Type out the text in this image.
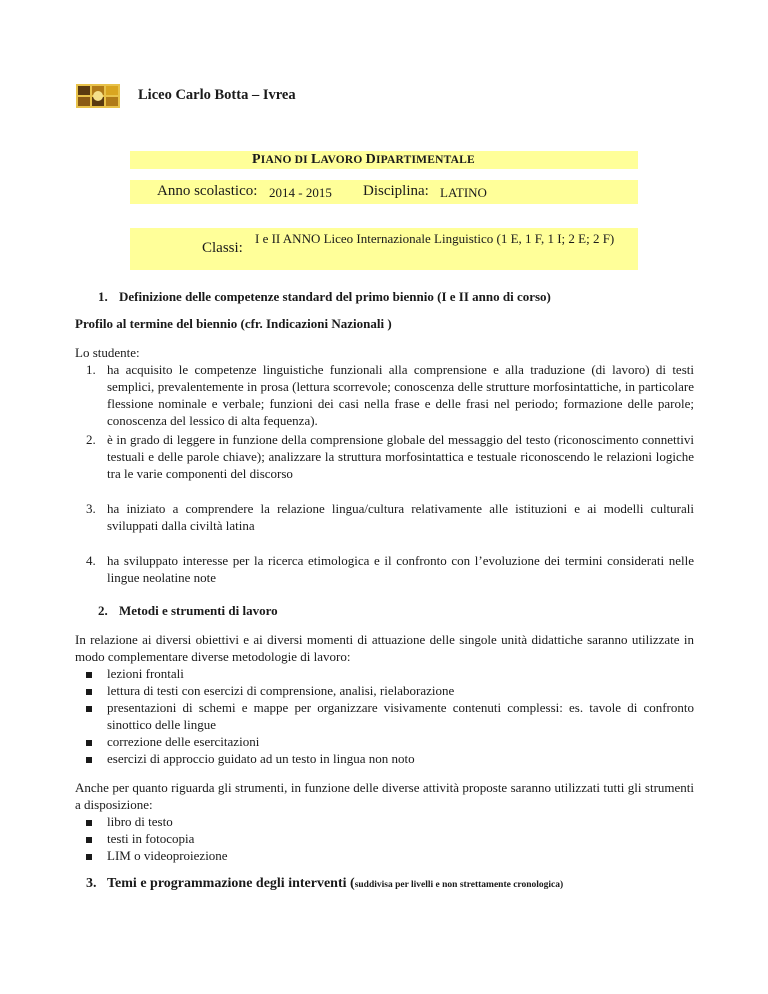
Liceo Carlo Botta – Ivrea
PIANO DI LAVORO DIPARTIMENTALE
Anno scolastico: 2014 - 2015 Disciplina: LATINO
Classi:
I e II ANNO Liceo Internazionale Linguistico (1 E, 1 F, 1 I; 2 E; 2 F)
1. Definizione delle competenze standard del primo biennio (I e II anno di corso)
Profilo al termine del biennio (cfr. Indicazioni Nazionali )
Lo studente:
1. ha acquisito le competenze linguistiche funzionali alla comprensione e alla traduzione (di lavoro) di testi semplici, prevalentemente in prosa (lettura scorrevole; conoscenza delle strutture morfosintattiche, in particolare flessione nominale e verbale; funzioni dei casi nella frase e delle frasi nel periodo; formazione delle parole; conoscenza del lessico di alta fequenza).
2. è in grado di leggere in funzione della comprensione globale del messaggio del testo (riconoscimento connettivi testuali e delle parole chiave); analizzare la struttura morfosintattica e testuale riconoscendo le relazioni logiche tra le varie componenti del discorso
3. ha iniziato a comprendere la relazione lingua/cultura relativamente alle istituzioni e ai modelli culturali sviluppati dalla civiltà latina
4. ha sviluppato interesse per la ricerca etimologica e il confronto con l’evoluzione dei termini considerati nelle lingue neolatine note
2. Metodi e strumenti di lavoro
In relazione ai diversi obiettivi e ai diversi momenti di attuazione delle singole unità didattiche saranno utilizzate in modo complementare diverse metodologie di lavoro:
lezioni frontali
lettura di testi con esercizi di comprensione, analisi, rielaborazione
presentazioni di schemi e mappe per organizzare visivamente contenuti complessi: es. tavole di confronto sinottico delle lingue
correzione delle esercitazioni
esercizi di approccio guidato ad un testo in lingua non noto
Anche per quanto riguarda gli strumenti, in funzione delle diverse attività proposte saranno utilizzati tutti gli strumenti a disposizione:
libro di testo
testi in fotocopia
LIM o videoproiezione
3. Temi e programmazione degli interventi (suddivisa per livelli e non strettamente cronologica)
